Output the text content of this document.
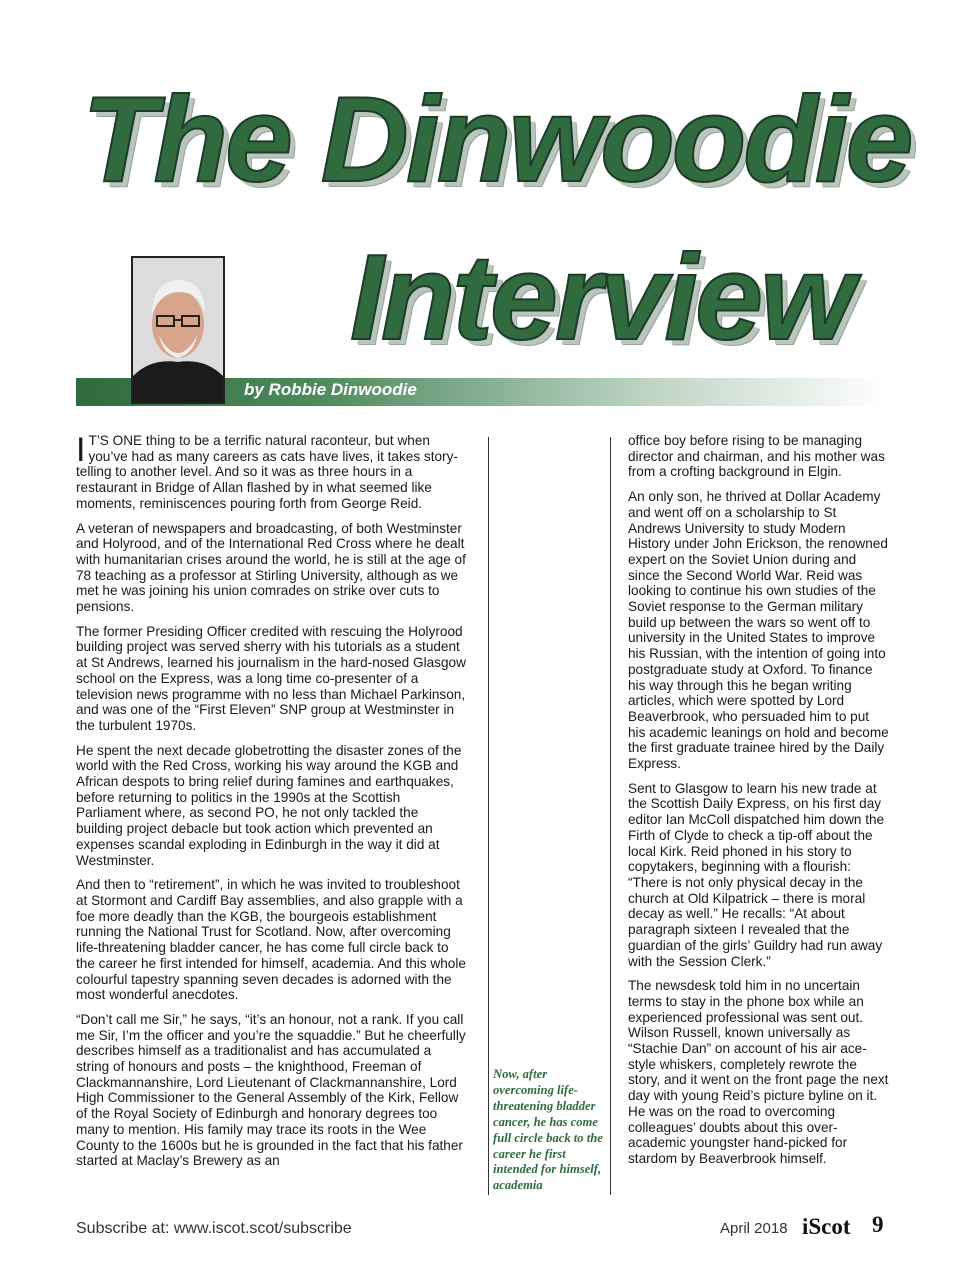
The Dinwoodie
Interview
by Robbie Dinwoodie

I T’S ONE thing to be a terrific natural raconteur, but when you’ve had as many careers as cats have lives, it takes story-telling to another level. And so it was as three hours in a restaurant in Bridge of Allan flashed by in what seemed like moments, reminiscences pouring forth from George Reid.

A veteran of newspapers and broadcasting, of both Westminster and Holyrood, and of the International Red Cross where he dealt with humanitarian crises around the world, he is still at the age of 78 teaching as a professor at Stirling University, although as we met he was joining his union comrades on strike over cuts to pensions.

The former Presiding Officer credited with rescuing the Holyrood building project was served sherry with his tutorials as a student at St Andrews, learned his journalism in the hard-nosed Glasgow school on the Express, was a long time co-presenter of a television news programme with no less than Michael Parkinson, and was one of the “First Eleven” SNP group at Westminster in the turbulent 1970s.

He spent the next decade globetrotting the disaster zones of the world with the Red Cross, working his way around the KGB and African despots to bring relief during famines and earthquakes, before returning to politics in the 1990s at the Scottish Parliament where, as second PO, he not only tackled the building project debacle but took action which prevented an expenses scandal exploding in Edinburgh in the way it did at Westminster.

And then to “retirement”, in which he was invited to troubleshoot at Stormont and Cardiff Bay assemblies, and also grapple with a foe more deadly than the KGB, the bourgeois establishment running the National Trust for Scotland. Now, after overcoming life-threatening bladder cancer, he has come full circle back to the career he first intended for himself, academia. And this whole colourful tapestry spanning seven decades is adorned with the most wonderful anecdotes.

“Don’t call me Sir,” he says, “it’s an honour, not a rank. If you call me Sir, I’m the officer and you’re the squaddie.” But he cheerfully describes himself as a traditionalist and has accumulated a string of honours and posts – the knighthood, Freeman of Clackmannanshire, Lord Lieutenant of Clackmannanshire, Lord High Commissioner to the General Assembly of the Kirk, Fellow of the Royal Society of Edinburgh and honorary degrees too many to mention. His family may trace its roots in the Wee County to the 1600s but he is grounded in the fact that his father started at Maclay’s Brewery as an

Now, after overcoming life-threatening bladder cancer, he has come full circle back to the career he first intended for himself, academia

office boy before rising to be managing director and chairman, and his mother was from a crofting background in Elgin.

An only son, he thrived at Dollar Academy and went off on a scholarship to St Andrews University to study Modern History under John Erickson, the renowned expert on the Soviet Union during and since the Second World War. Reid was looking to continue his own studies of the Soviet response to the German military build up between the wars so went off to university in the United States to improve his Russian, with the intention of going into postgraduate study at Oxford. To finance his way through this he began writing articles, which were spotted by Lord Beaverbrook, who persuaded him to put his academic leanings on hold and become the first graduate trainee hired by the Daily Express.

Sent to Glasgow to learn his new trade at the Scottish Daily Express, on his first day editor Ian McColl dispatched him down the Firth of Clyde to check a tip-off about the local Kirk. Reid phoned in his story to copytakers, beginning with a flourish: “There is not only physical decay in the church at Old Kilpatrick – there is moral decay as well.” He recalls: “At about paragraph sixteen I revealed that the guardian of the girls’ Guildry had run away with the Session Clerk.”

The newsdesk told him in no uncertain terms to stay in the phone box while an experienced professional was sent out. Wilson Russell, known universally as “Stachie Dan” on account of his air ace-style whiskers, completely rewrote the story, and it went on the front page the next day with young Reid’s picture byline on it. He was on the road to overcoming colleagues’ doubts about this over-academic youngster hand-picked for stardom by Beaverbrook himself.

Subscribe at: www.iscot.scot/subscribe	April 2018 iScot 9
